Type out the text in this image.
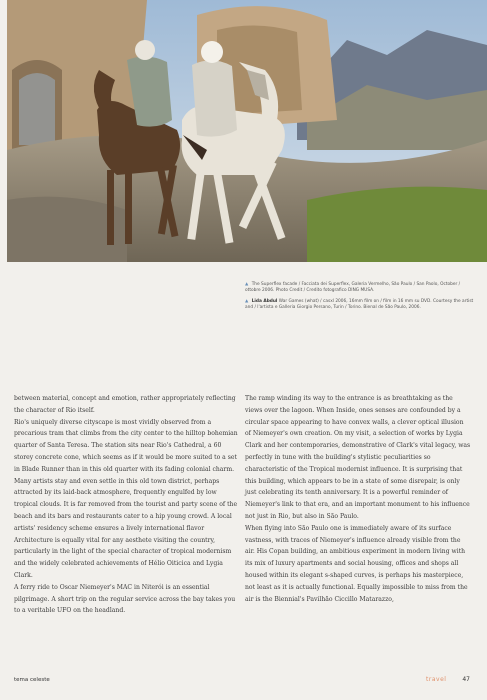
▲ The Superflex facade / Facciata dei Superflex, Galeria Vermelho, São Paulo / San Paolo, October / ottobre 2006. Photo Credit / Credito fotografico DING MUSA.

▲ Lida Abdul War Games (what) / casxl 2006, 16mm film on / film in 16 mm su DVD. Courtesy the artist and / l'artista e Galleria Giorgio Persano, Turin / Torino. Bienal de São Paulo, 2006.

between material, concept and emotion, rather appropriately reflecting the character of Rio itself.

Rio's uniquely diverse cityscape is most vividly observed from a precarious tram that climbs from the city center to the hilltop bohemian quarter of Santa Teresa. The station sits near Rio's Cathedral, a 60 storey concrete cone, which seems as if it would be more suited to a set in Blade Runner than in this old quarter with its fading colonial charm. Many artists stay and even settle in this old town district, perhaps attracted by its laid-back atmosphere, frequently engulfed by low tropical clouds. It is far removed from the tourist and party scene of the beach and its bars and restaurants cater to a hip young crowd. A local artists' residency scheme ensures a lively international flavor

Architecture is equally vital for any aesthete visiting the country, particularly in the light of the special character of tropical modernism and the widely celebrated achievements of Hélio Oiticica and Lygia Clark.

A ferry ride to Oscar Niemeyer's MAC in Niterói is an essential pilgrimage. A short trip on the regular service across the bay takes you to a veritable UFO on the headland.

The ramp winding its way to the entrance is as breathtaking as the views over the lagoon. When Inside, ones senses are confounded by a circular space appearing to have convex walls, a clever optical illusion of Niemeyer's own creation. On my visit, a selection of works by Lygia Clark and her contemporaries, demonstrative of Clark's vital legacy, was perfectly in tune with the building's stylistic peculiarities so characteristic of the Tropical modernist influence. It is surprising that this building, which appears to be in a state of some disrepair, is only just celebrating its tenth anniversary. It is a powerful reminder of Niemeyer's link to that era, and an important monument to his influence not just in Rio, but also in São Paulo.

When flying into São Paulo one is immediately aware of its surface vastness, with traces of Niemeyer's influence already visible from the air. His Copan building, an ambitious experiment in modern living with its mix of luxury apartments and social housing, offices and shops all housed within its elegant s-shaped curves, is perhaps his masterpiece, not least as it is actually functional. Equally impossible to miss from the air is the Biennial's Pavilhão Ciccillo Matarazzo,

tema celeste	travel	47
